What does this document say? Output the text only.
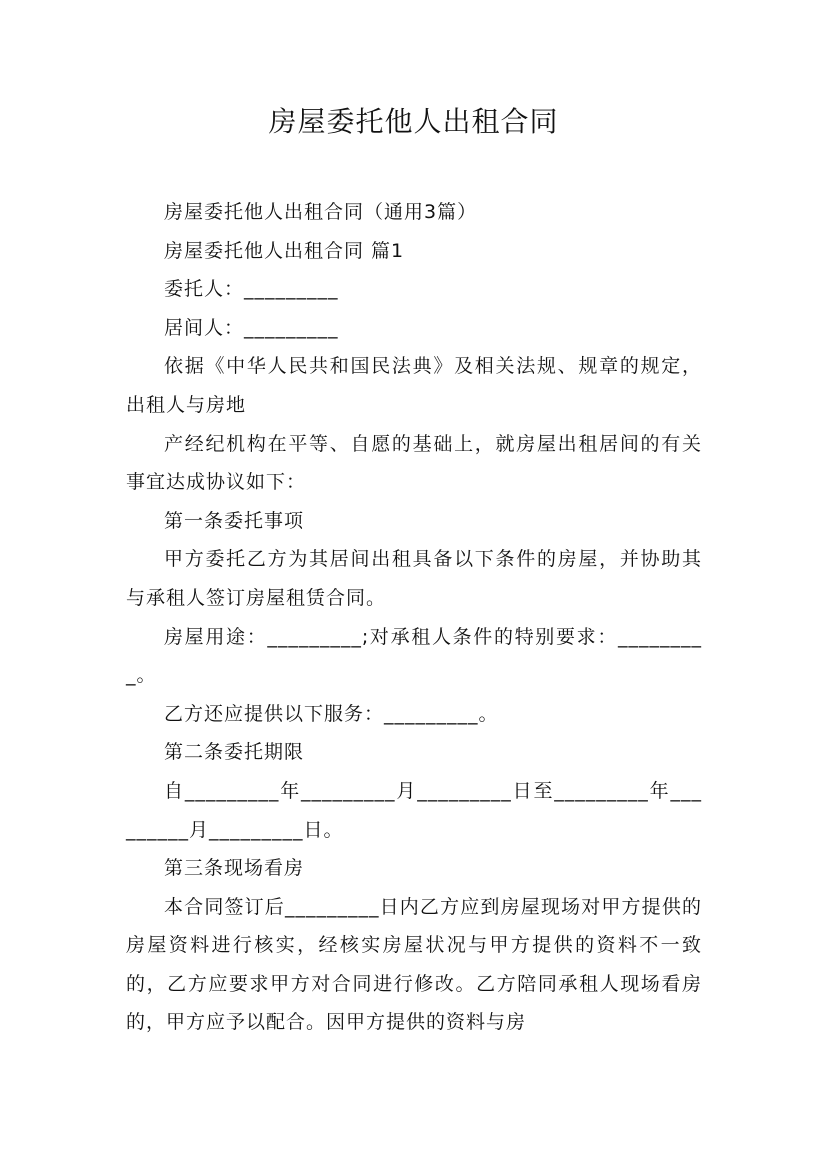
房屋委托他人出租合同

房屋委托他人出租合同（通用3篇）

房屋委托他人出租合同 篇1

委托人：_________

居间人：_________

依据《中华人民共和国民法典》及相关法规、规章的规定，出租人与房地

产经纪机构在平等、自愿的基础上，就房屋出租居间的有关事宜达成协议如下：

第一条委托事项

甲方委托乙方为其居间出租具备以下条件的房屋，并协助其与承租人签订房屋租赁合同。

房屋用途：_________;对承租人条件的特别要求：_________。

乙方还应提供以下服务：_________。

第二条委托期限

自_________年_________月_________日至_________年_________月_________日。

第三条现场看房

本合同签订后_________日内乙方应到房屋现场对甲方提供的房屋资料进行核实，经核实房屋状况与甲方提供的资料不一致的，乙方应要求甲方对合同进行修改。乙方陪同承租人现场看房的，甲方应予以配合。因甲方提供的资料与房
